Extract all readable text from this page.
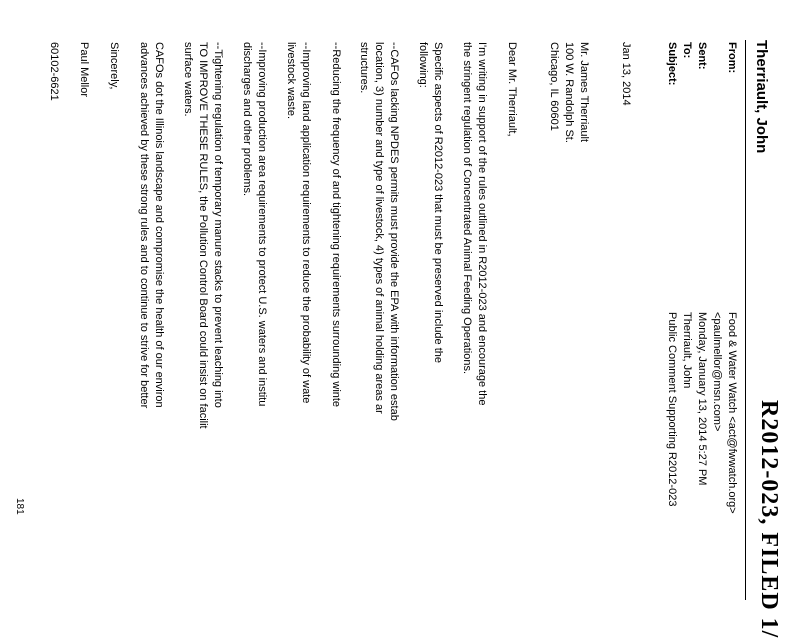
R2012-023, FILED 1/
Therriault, John
From:
Food & Water Watch <act@fwwatch.org>
<paulmellor@msn.com>
Sent:
Monday, January 13, 2014 5:27 PM
To:
Therriault, John
Subject:
Public Comment Supporting R2012-023
Jan 13, 2014
Mr. James Therriault
100 W. Randolph St.
Chicago, IL 60601
Dear Mr. Therriault,
I'm writing in support of the rules outlined in R2012-023 and encourage the
the stringent regulation of Concentrated Animal Feeding Operations.
Specific aspects of R2012-023 that must be preserved include the
following:
--CAFOs lacking NPDES permits must provide the EPA with information estab
location, 3) number and type of livestock, 4) types of animal holding areas ar
structures.
--Reducing the frequency of and tightening requirements surrounding winte
--Improving land application requirements to reduce the probability of wate
livestock waste.
--Improving production area requirements to protect U.S. waters and institu
discharges and other problems.
--Tightening regulation of temporary manure stacks to prevent leaching into
TO IMPROVE THESE RULES, the Pollution Control Board could insist on facilit
surface waters.
CAFOs dot the Illinois landscape and compromise the health of our environ
advances achieved by these strong rules and to continue to strive for better
Sincerely,
Paul Mellor
60102-6621
181
